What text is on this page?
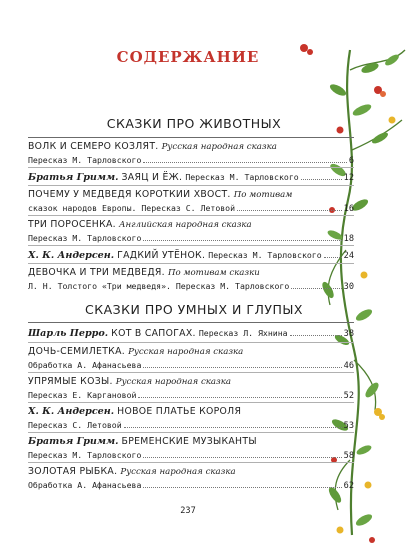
СОДЕРЖАНИЕ
СКАЗКИ ПРО ЖИВОТНЫХ
ВОЛК И СЕМЕРО КОЗЛЯТ. Русская народная сказка
Пересказ М. Тарловского	6
Братья Гримм.
ЗАЯЦ И ЁЖ.
Пересказ М. Тарловского	12
ПОЧЕМУ У МЕДВЕДЯ КОРОТКИЙ ХВОСТ. По мотивам
сказок народов Европы. Пересказ С. Летовой	16
ТРИ ПОРОСЁНКА. Английская народная сказка
Пересказ М. Тарловского	18
Х. К. Андерсен.
ГАДКИЙ УТЁНОК.
Пересказ М. Тарловского	24
ДЕВОЧКА И ТРИ МЕДВЕДЯ. По мотивам сказки
Л. Н. Толстого «Три медведя». Пересказ М. Тарловского	30
СКАЗКИ ПРО УМНЫХ И ГЛУПЫХ
Шарль Перро.
КОТ В САПОГАХ.
Пересказ Л. Яхнина	38
ДОЧЬ-СЕМИЛЕТКА. Русская народная сказка
Обработка А. Афанасьева	46
УПРЯМЫЕ КОЗЫ. Русская народная сказка
Пересказ Е. Каргановой	52
Х. К. Андерсен. НОВОЕ ПЛАТЬЕ КОРОЛЯ
Пересказ С. Летовой	53
Братья Гримм. БРЕМЕНСКИЕ МУЗЫКАНТЫ
Пересказ М. Тарловского	58
ЗОЛОТАЯ РЫБКА. Русская народная сказка
Обработка А. Афанасьева	62
237
